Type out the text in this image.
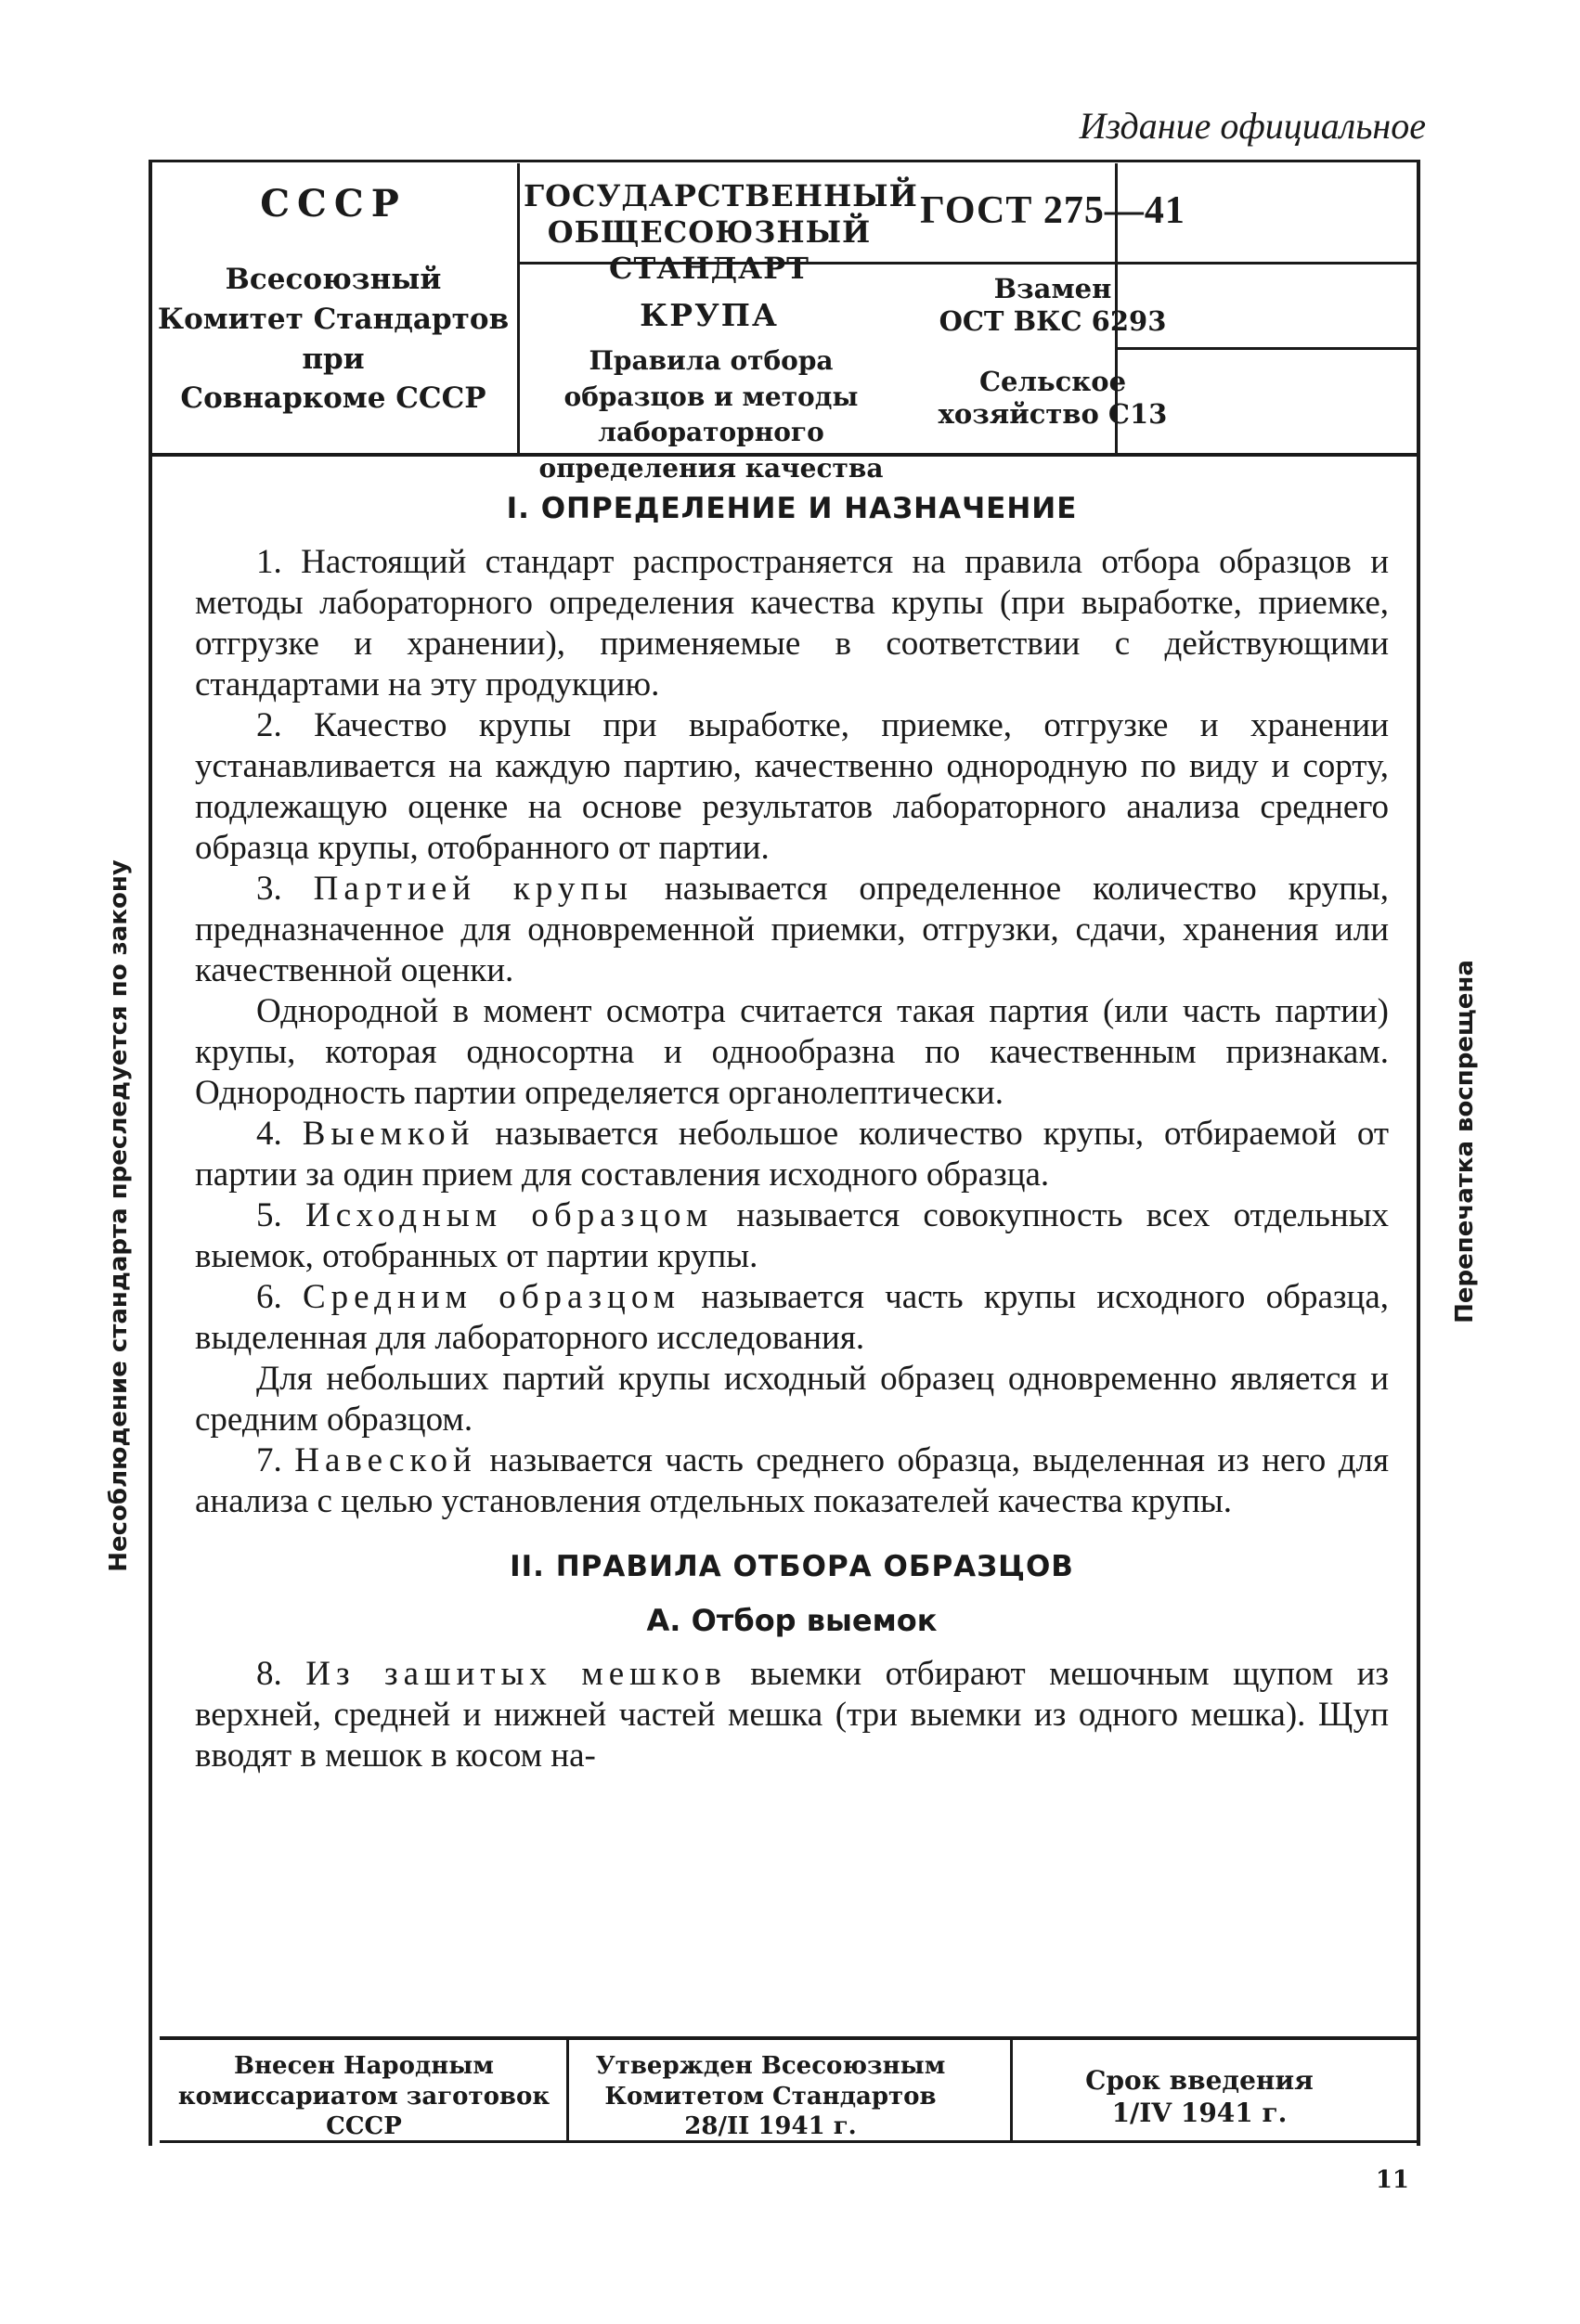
Издание официальное
СССР
Всесоюзный
Комитет Стандартов
при
Совнаркоме СССР
ГОСУДАРСТВЕННЫЙ
ОБЩЕСОЮЗНЫЙ СТАНДАРТ
КРУПА
Правила отбора образцов и методы
лабораторного определения качества
ГОСТ 275—41
Взамен
ОСТ ВКС 6293
Сельское
хозяйство С13
Несоблюдение стандарта преследуется по закону	Перепечатка воспрещена
I. ОПРЕДЕЛЕНИЕ И НАЗНАЧЕНИЕ

1. Настоящий стандарт распространяется на правила отбора образцов и методы лабораторного определения качества крупы (при выработке, приемке, отгрузке и хранении), применяемые в соответствии с действующими стандартами на эту продукцию.

2. Качество крупы при выработке, приемке, отгрузке и хранении устанавливается на каждую партию, качественно однородную по виду и сорту, подлежащую оценке на основе результатов лабораторного анализа среднего образца крупы, отобранного от партии.

3. Партией крупы называется определенное количество крупы, предназначенное для одновременной приемки, отгрузки, сдачи, хранения или качественной оценки.

Однородной в момент осмотра считается такая партия (или часть партии) крупы, которая односортна и однообразна по качественным признакам. Однородность партии определяется органолептически.

4. Выемкой называется небольшое количество крупы, отбираемой от партии за один прием для составления исходного образца.

5. Исходным образцом называется совокупность всех отдельных выемок, отобранных от партии крупы.

6. Средним образцом называется часть крупы исходного образца, выделенная для лабораторного исследования.

Для небольших партий крупы исходный образец одновременно является и средним образцом.

7. Навеской называется часть среднего образца, выделенная из него для анализа с целью установления отдельных показателей качества крупы.

II. ПРАВИЛА ОТБОРА ОБРАЗЦОВ
А. Отбор выемок

8. Из зашитых мешков выемки отбирают мешочным щупом из верхней, средней и нижней частей мешка (три выемки из одного мешка). Щуп вводят в мешок в косом на-

Внесен Народным
комиссариатом заготовок
СССР
Утвержден Всесоюзным
Комитетом Стандартов
28/II 1941 г.
Срок введения
1/IV 1941 г.
11
